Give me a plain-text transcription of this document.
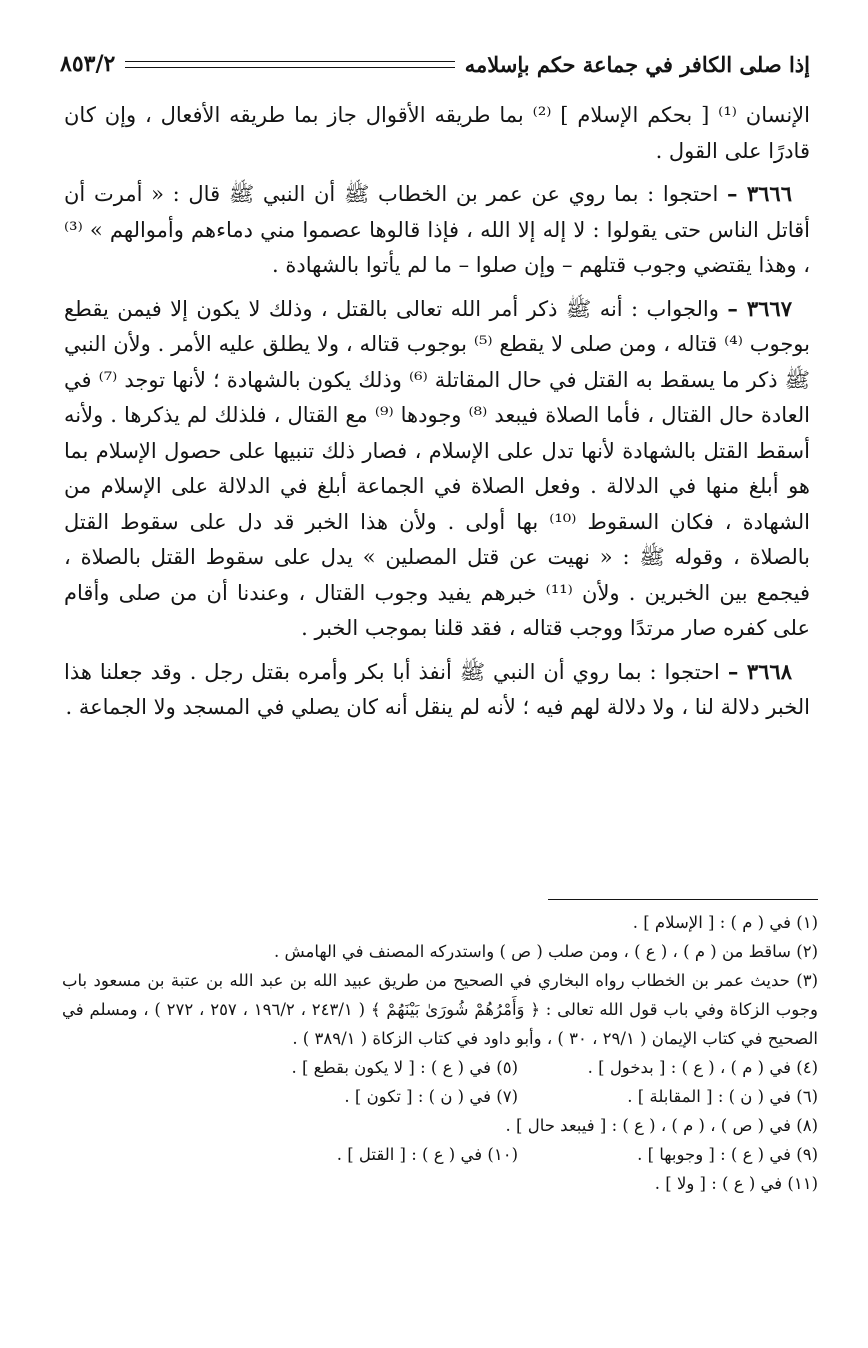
إذا صلى الكافر في جماعة حكم بإسلامه
٨٥٣/٢

الإنسان ⁽¹⁾ [ بحكم الإسلام ] ⁽²⁾ بما طريقه الأقوال جاز بما طريقه الأفعال ، وإن كان قادرًا على القول .

٣٦٦٦ – احتجوا : بما روي عن عمر بن الخطاب ﷺ أن النبي ﷺ قال : « أمرت أن أقاتل الناس حتى يقولوا : لا إله إلا الله ، فإذا قالوها عصموا مني دماءهم وأموالهم » ⁽³⁾ ، وهذا يقتضي وجوب قتلهم – وإن صلوا – ما لم يأتوا بالشهادة .

٣٦٦٧ – والجواب : أنه ﷺ ذكر أمر الله تعالى بالقتل ، وذلك لا يكون إلا فيمن يقطع بوجوب ⁽⁴⁾ قتاله ، ومن صلى لا يقطع ⁽⁵⁾ بوجوب قتاله ، ولا يطلق عليه الأمر . ولأن النبي ﷺ ذكر ما يسقط به القتل في حال المقاتلة ⁽⁶⁾ وذلك يكون بالشهادة ؛ لأنها توجد ⁽⁷⁾ في العادة حال القتال ، فأما الصلاة فيبعد ⁽⁸⁾ وجودها ⁽⁹⁾ مع القتال ، فلذلك لم يذكرها . ولأنه أسقط القتل بالشهادة لأنها تدل على الإسلام ، فصار ذلك تنبيها على حصول الإسلام بما هو أبلغ منها في الدلالة . وفعل الصلاة في الجماعة أبلغ في الدلالة على الإسلام من الشهادة ، فكان السقوط ⁽¹⁰⁾ بها أولى . ولأن هذا الخبر قد دل على سقوط القتل بالصلاة ، وقوله ﷺ : « نهيت عن قتل المصلين » يدل على سقوط القتل بالصلاة ، فيجمع بين الخبرين . ولأن ⁽¹¹⁾ خبرهم يفيد وجوب القتال ، وعندنا أن من صلى وأقام على كفره صار مرتدًا ووجب قتاله ، فقد قلنا بموجب الخبر .

٣٦٦٨ – احتجوا : بما روي أن النبي ﷺ أنفذ أبا بكر وأمره بقتل رجل . وقد جعلنا هذا الخبر دلالة لنا ، ولا دلالة لهم فيه ؛ لأنه لم ينقل أنه كان يصلي في المسجد ولا الجماعة .

(١) في ( م ) : [ الإسلام ] .

(٢) ساقط من ( م ) ، ( ع ) ، ومن صلب ( ص ) واستدركه المصنف في الهامش .

(٣) حديث عمر بن الخطاب رواه البخاري في الصحيح من طريق عبيد الله بن عبد الله بن عتبة بن مسعود باب وجوب الزكاة وفي باب قول الله تعالى : ﴿ وَأَمْرُهُمْ شُورَىٰ بَيْنَهُمْ ﴾ ( ٢٤٣/١ ، ١٩٦/٢ ، ٢٥٧ ، ٢٧٢ ) ، ومسلم في الصحيح في كتاب الإيمان ( ٢٩/١ ، ٣٠ ) ، وأبو داود في كتاب الزكاة ( ٣٨٩/١ ) .

(٤) في ( م ) ، ( ع ) : [ بدخول ] .

(٥) في ( ع ) : [ لا يكون بقطع ] .

(٦) في ( ن ) : [ المقابلة ] .

(٧) في ( ن ) : [ تكون ] .

(٨) في ( ص ) ، ( م ) ، ( ع ) : [ فيبعد حال ] .

(٩) في ( ع ) : [ وجوبها ] .

(١٠) في ( ع ) : [ القتل ] .

(١١) في ( ع ) : [ ولا ] .
